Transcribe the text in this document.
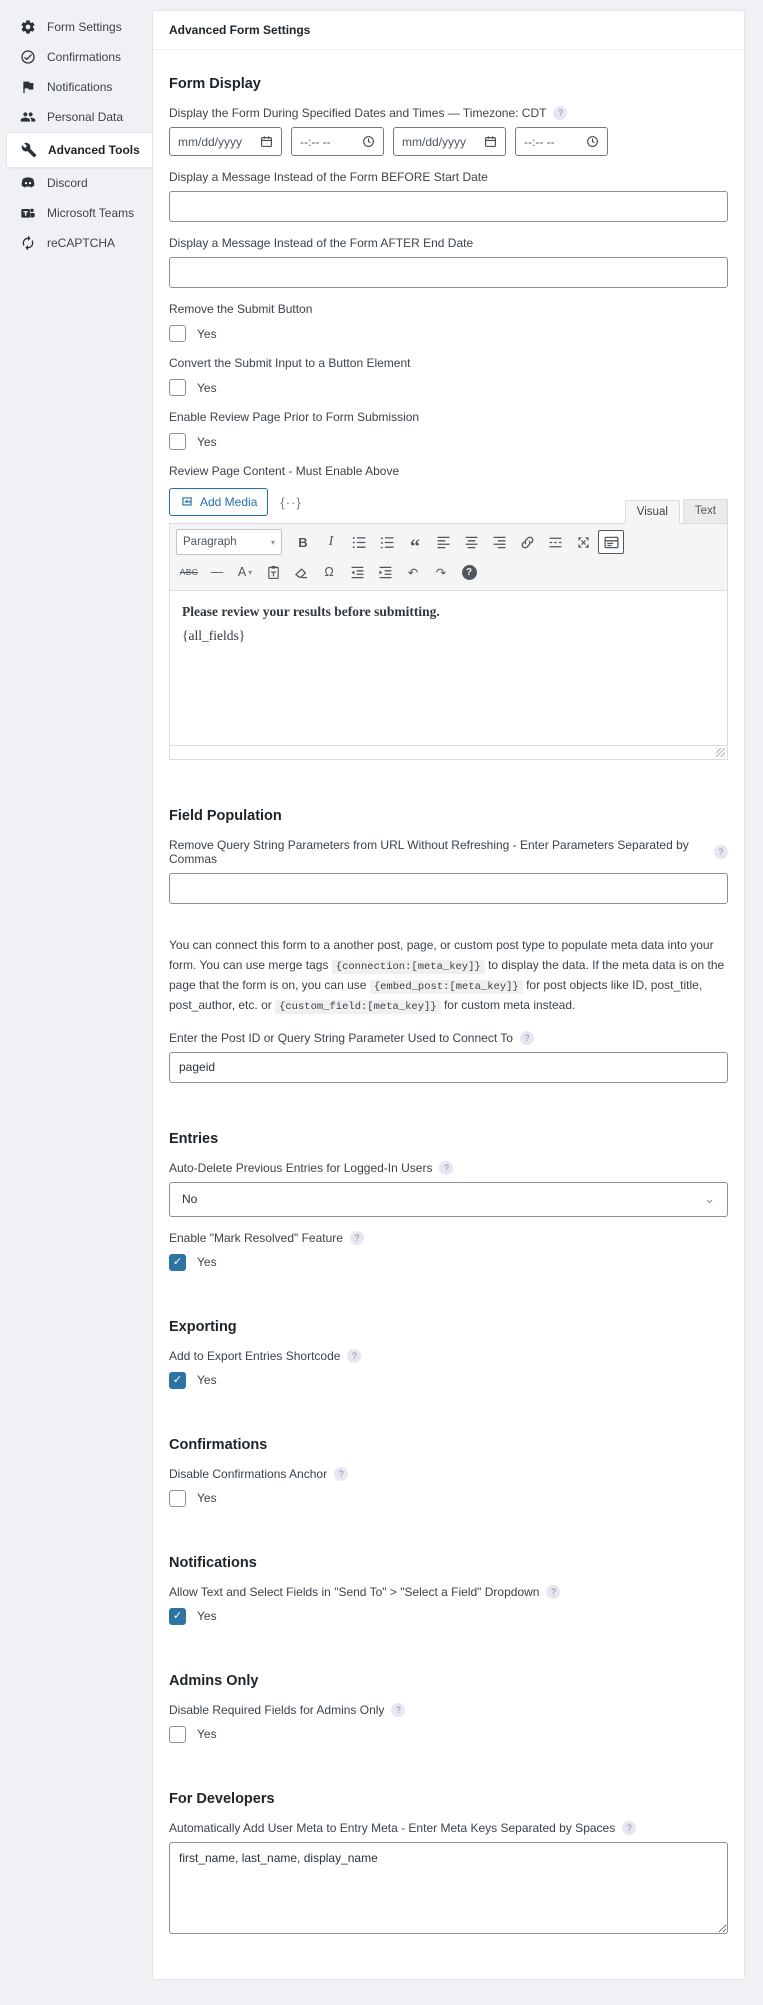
Form Settings
Confirmations
Notifications
Personal Data
Advanced Tools
Discord
Microsoft Teams
reCAPTCHA
Advanced Form Settings
Form Display
Display the Form During Specified Dates and Times — Timezone: CDT	?
mm/dd/yyyy	--:-- --	mm/dd/yyyy	--:-- --
Display a Message Instead of the Form BEFORE Start Date
Display a Message Instead of the Form AFTER End Date
Remove the Submit Button
Yes
Convert the Submit Input to a Button Element
Yes
Enable Review Page Prior to Form Submission
Yes
Review Page Content - Must Enable Above
Add Media {··}
Visual	Text
Paragraph	▾	B	I	“
ABC	—	A ▾	Ω	↶	↷	?

Please review your results before submitting.

{all_fields}

Field Population
Remove Query String Parameters from URL Without Refreshing - Enter Parameters Separated by Commas	?

You can connect this form to a another post, page, or custom post type to populate meta data into your form. You can use merge tags {connection:[meta_key]} to display the data. If the meta data is on the page that the form is on, you can use {embed_post:[meta_key]} for post objects like ID, post_title, post_author, etc. or {custom_field:[meta_key]} for custom meta instead.

Enter the Post ID or Query String Parameter Used to Connect To	?
pageid
Entries
Auto-Delete Previous Entries for Logged-In Users	?
No	⌄
Enable "Mark Resolved" Feature	?
✓	Yes
Exporting
Add to Export Entries Shortcode	?
✓	Yes
Confirmations
Disable Confirmations Anchor	?
Yes
Notifications
Allow Text and Select Fields in "Send To" > "Select a Field" Dropdown	?
✓	Yes
Admins Only
Disable Required Fields for Admins Only	?
Yes
For Developers
Automatically Add User Meta to Entry Meta - Enter Meta Keys Separated by Spaces	?
first_name, last_name, display_name
